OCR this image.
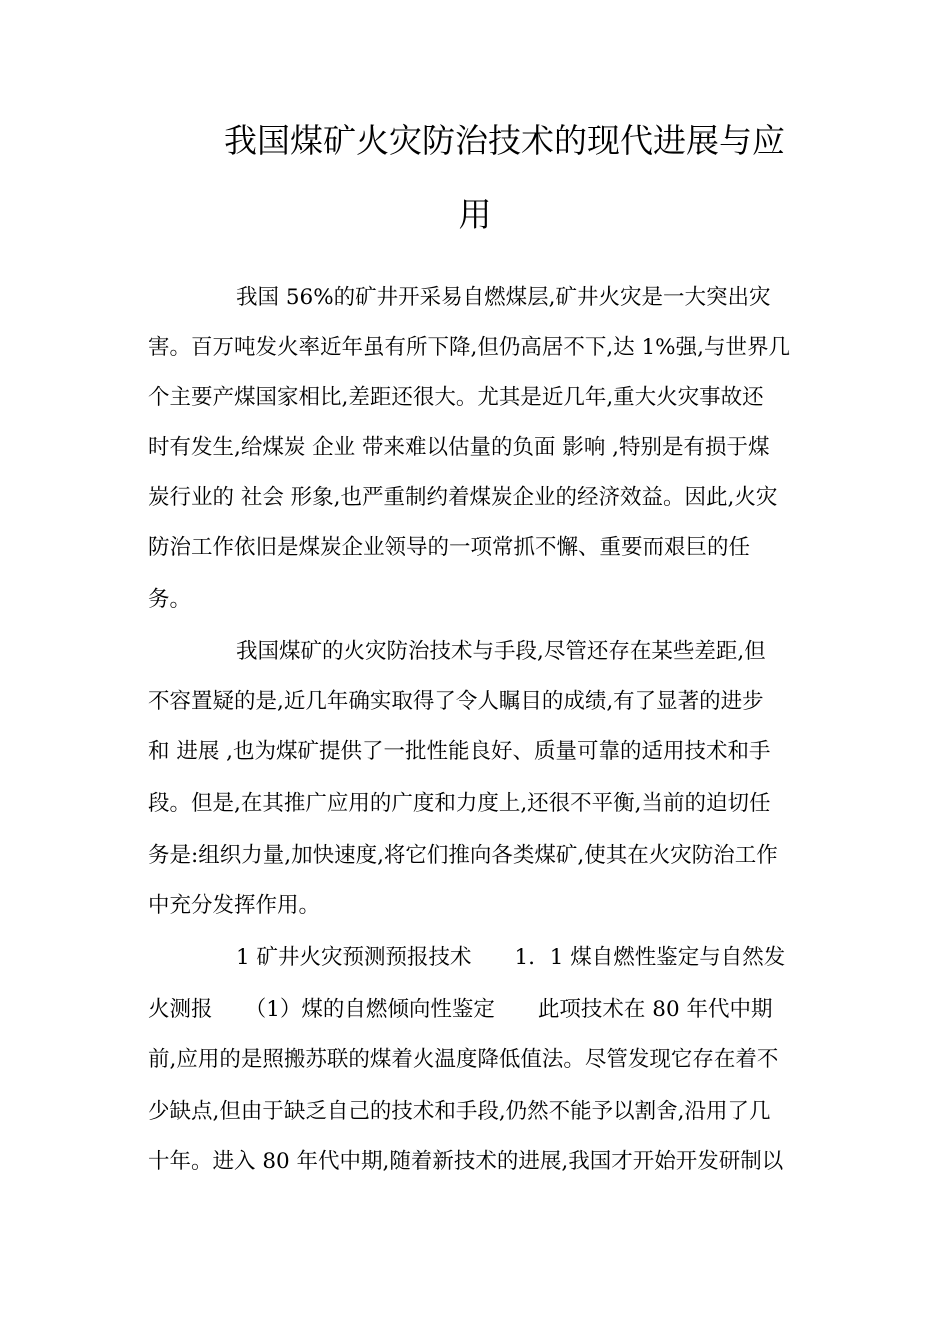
我国煤矿火灾防治技术的现代进展与应
用

我国 56%的矿井开采易自燃煤层,矿井火灾是一大突出灾

害。百万吨发火率近年虽有所下降,但仍高居不下,达 1%强,与世界几

个主要产煤国家相比,差距还很大。尤其是近几年,重大火灾事故还

时有发生,给煤炭 企业 带来难以估量的负面 影响 ,特别是有损于煤

炭行业的 社会 形象,也严重制约着煤炭企业的经济效益。因此,火灾

防治工作依旧是煤炭企业领导的一项常抓不懈、重要而艰巨的任

务。

我国煤矿的火灾防治技术与手段,尽管还存在某些差距,但

不容置疑的是,近几年确实取得了令人瞩目的成绩,有了显著的进步

和 进展 ,也为煤矿提供了一批性能良好、质量可靠的适用技术和手

段。但是,在其推广应用的广度和力度上,还很不平衡,当前的迫切任

务是:组织力量,加快速度,将它们推向各类煤矿,使其在火灾防治工作

中充分发挥作用。

1 矿井火灾预测预报技术　　1．1 煤自燃性鉴定与自然发

火测报　　（1）煤的自燃倾向性鉴定　　此项技术在 80 年代中期

前,应用的是照搬苏联的煤着火温度降低值法。尽管发现它存在着不

少缺点,但由于缺乏自己的技术和手段,仍然不能予以割舍,沿用了几

十年。进入 80 年代中期,随着新技术的进展,我国才开始开发研制以
